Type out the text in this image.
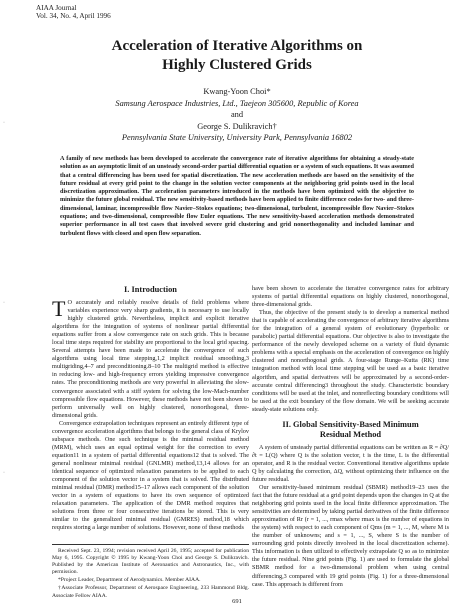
AIAA Journal
Vol. 34, No. 4, April 1996
·
·
·
Acceleration of Iterative Algorithms on
Highly Clustered Grids
Kwang-Yoon Choi*
Samsung Aerospace Industries, Ltd., Taejeon 305600, Republic of Korea
and
George S. Dulikravich†
Pennsylvania State University, University Park, Pennsylvania 16802
A family of new methods has been developed to accelerate the convergence rate of iterative algorithms for obtaining a steady-state solution as an asymptotic limit of an unsteady second-order partial differential equation or a system of such equations. It was assumed that a central differencing has been used for spatial discretization. The new acceleration methods are based on the sensitivity of the future residual at every grid point to the change in the solution vector components at the neighboring grid points used in the local discretization approximation. The acceleration parameters introduced in the methods have been optimized with the objective to minimize the future global residual. The new sensitivity-based methods have been applied to finite difference codes for two- and three-dimensional, laminar, incompressible flow Navier–Stokes equations; two-dimensional, turbulent, incompressible flow Navier–Stokes equations; and two-dimensional, compressible flow Euler equations. The new sensitivity-based acceleration methods demonstrated superior performance in all test cases that involved severe grid clustering and grid nonorthogonality and included laminar and turbulent flows with closed and open flow separation.
I. Introduction

T O accurately and reliably resolve details of field problems where variables experience very sharp gradients, it is necessary to use locally highly clustered grids. Nevertheless, implicit and explicit iterative algorithms for the integration of systems of nonlinear partial differential equations suffer from a slow convergence rate on such grids. This is because local time steps required for stability are proportional to the local grid spacing. Several attempts have been made to accelerate the convergence of such algorithms using local time stepping,1,2 implicit residual smoothing,3 multigriding,4–7 and preconditioning.8–10 The multigrid method is effective in reducing low- and high-frequency errors yielding impressive convergence rates. The preconditioning methods are very powerful in alleviating the slow-convergence associated with a stiff system for solving the low-Mach-number compressible flow equations. However, these methods have not been shown to perform universally well on highly clustered, nonorthogonal, three-dimensional grids.

Convergence extrapolation techniques represent an entirely different type of convergence acceleration algorithms that belongs to the general class of Krylov subspace methods. One such technique is the minimal residual method (MRM), which uses an equal optimal weight for the correction to every equation11 in a system of partial differential equations12 that is solved. The general nonlinear minimal residual (GNLMR) method,13,14 allows for an identical sequence of optimized relaxation parameters to be applied to each component of the solution vector in a system that is solved. The distributed minimal residual (DMR) method15–17 allows each component of the solution vector in a system of equations to have its own sequence of optimized relaxation parameters. The application of the DMR method requires that solutions from three or four consecutive iterations be stored. This is very similar to the generalized minimal residual (GMRES) method,18 which requires storing a large number of solutions. However, none of these methods

have been shown to accelerate the iterative convergence rates for arbitrary systems of partial differential equations on highly clustered, nonorthogonal, three-dimensional grids.

Thus, the objective of the present study is to develop a numerical method that is capable of accelerating the convergence of arbitrary iterative algorithms for the integration of a general system of evolutionary (hyperbolic or parabolic) partial differential equations. Our objective is also to investigate the performance of the newly developed scheme on a variety of fluid dynamic problems with a special emphasis on the acceleration of convergence on highly clustered and nonorthogonal grids. A four-stage Runge–Kutta (RK) time integration method with local time stepping will be used as a basic iterative algorithm, and spatial derivatives will be approximated by a second-order-accurate central differencing3 throughout the study. Characteristic boundary conditions will be used at the inlet, and nonreflecting boundary conditions will be used at the exit boundary of the flow domain. We will be seeking accurate steady-state solutions only.

II. Global Sensitivity-Based Minimum
Residual Method

A system of unsteady partial differential equations can be written as R = ∂Q/∂t = L(Q) where Q is the solution vector, t is the time, L is the differential operator, and R is the residual vector. Conventional iterative algorithms update Q by calculating the correction, ΔQ, without optimizing their influence on the future residual.

Our sensitivity-based minimum residual (SBMR) method19–23 uses the fact that the future residual at a grid point depends upon the changes in Q at the neighboring grid points used in the local finite difference approximation. The sensitivities are determined by taking partial derivatives of the finite difference approximation of Rr (r = 1, ..., rmax where rmax is the number of equations in the system) with respect to each component of Qms (m = 1, ..., M, where M is the number of unknowns; and s = 1, ..., S, where S is the number of surrounding grid points directly involved in the local discretization scheme). This information is then utilized to effectively extrapolate Q so as to minimize the future residual. Nine grid points (Fig. 1) are used to formulate the global SBMR method for a two-dimensional problem when using central differencing,3 compared with 19 grid points (Fig. 1) for a three-dimensional case. This approach is different from

Received Sept. 23, 1994; revision received April 26, 1995; accepted for publication May 6, 1995. Copyright © 1995 by Kwang-Yoon Choi and George S. Dulikravich. Published by the American Institute of Aeronautics and Astronautics, Inc., with permission.

*Project Leader, Department of Aerodynamics. Member AIAA.

†Associate Professor, Department of Aerospace Engineering, 233 Hammond Bldg. Associate Fellow AIAA.

691
